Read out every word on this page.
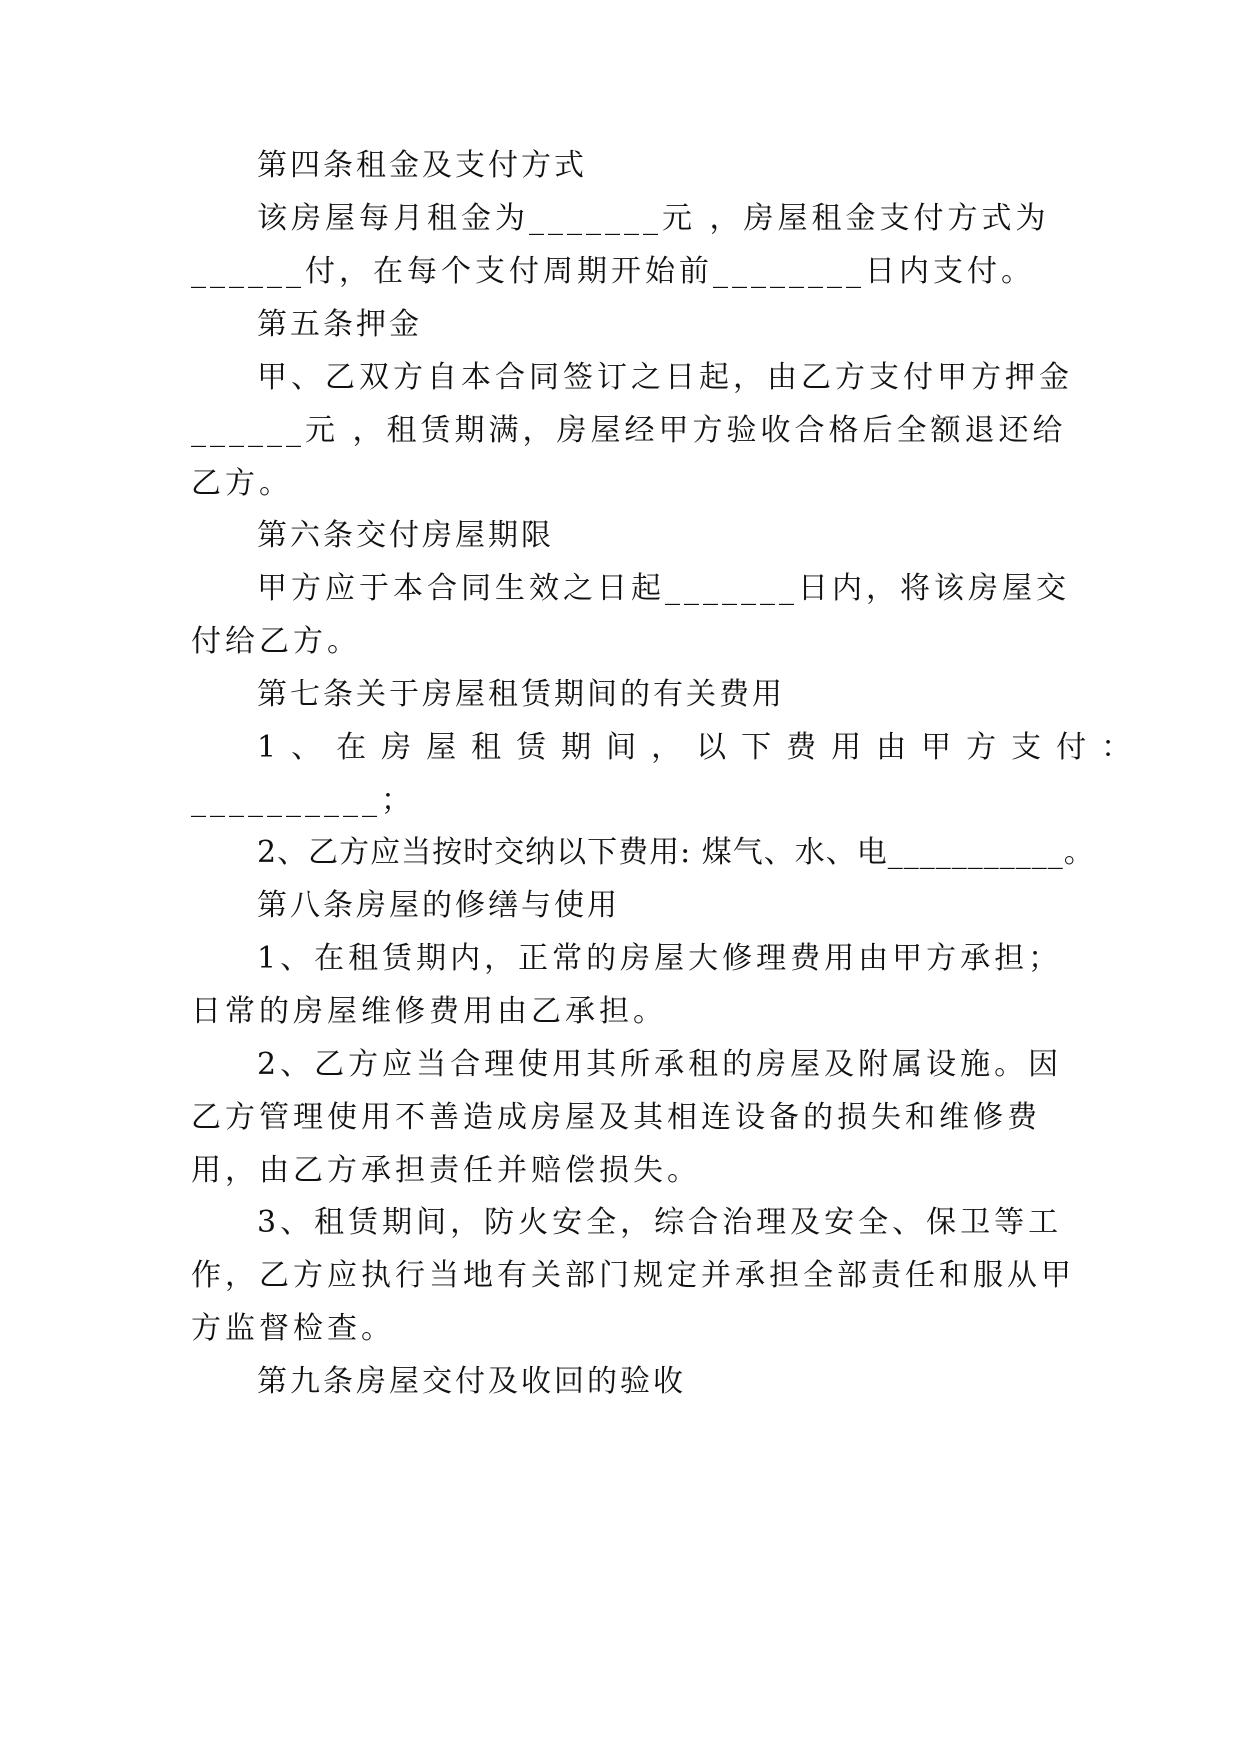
第四条租金及支付方式
该房屋每月租金为_______元 ，房屋租金支付方式为
______付，在每个支付周期开始前________日内支付。
第五条押金
甲、乙双方自本合同签订之日起，由乙方支付甲方押金
______元 ，租赁期满，房屋经甲方验收合格后全额退还给
乙方。
第六条交付房屋期限
甲方应于本合同生效之日起_______日内，将该房屋交
付给乙方。
第七条关于房屋租赁期间的有关费用
1、在房屋租赁期间，以下费用由甲方支付：
__________；
2、乙方应当按时交纳以下费用: 煤气、水、电___________。
第八条房屋的修缮与使用
1、在租赁期内，正常的房屋大修理费用由甲方承担；
日常的房屋维修费用由乙承担。
2、乙方应当合理使用其所承租的房屋及附属设施。因
乙方管理使用不善造成房屋及其相连设备的损失和维修费
用，由乙方承担责任并赔偿损失。
3、租赁期间，防火安全，综合治理及安全、保卫等工
作，乙方应执行当地有关部门规定并承担全部责任和服从甲
方监督检查。
第九条房屋交付及收回的验收
